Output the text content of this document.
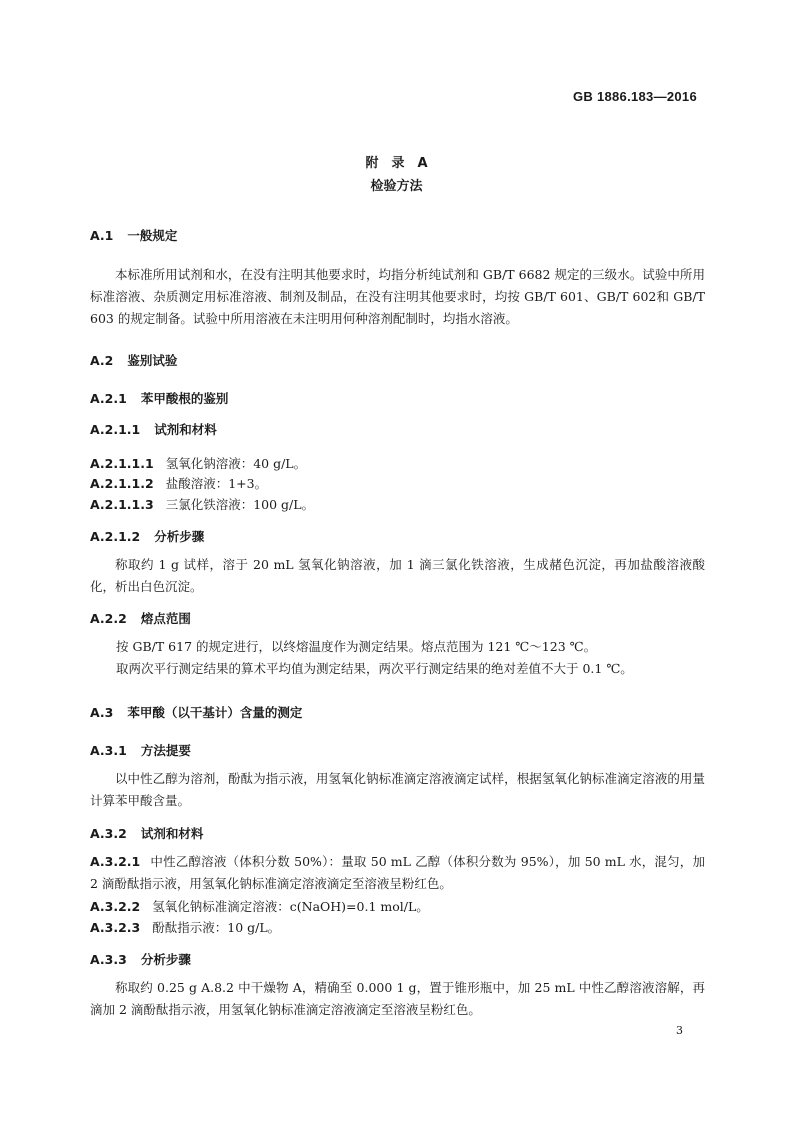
GB 1886.183—2016
附　录　A
检验方法
A.1 一般规定
本标准所用试剂和水，在没有注明其他要求时，均指分析纯试剂和 GB/T 6682 规定的三级水。试验中所用标准溶液、杂质测定用标准溶液、制剂及制品，在没有注明其他要求时，均按 GB/T 601、GB/T 602和 GB/T 603 的规定制备。试验中所用溶液在未注明用何种溶剂配制时，均指水溶液。
A.2 鉴别试验
A.2.1 苯甲酸根的鉴别
A.2.1.1 试剂和材料
A.2.1.1.1 氢氧化钠溶液：40 g/L。
A.2.1.1.2 盐酸溶液：1+3。
A.2.1.1.3 三氯化铁溶液：100 g/L。
A.2.1.2 分析步骤
称取约 1 g 试样，溶于 20 mL 氢氧化钠溶液，加 1 滴三氯化铁溶液，生成赭色沉淀，再加盐酸溶液酸化，析出白色沉淀。
A.2.2 熔点范围
按 GB/T 617 的规定进行，以终熔温度作为测定结果。熔点范围为 121 ℃～123 ℃。
取两次平行测定结果的算术平均值为测定结果，两次平行测定结果的绝对差值不大于 0.1 ℃。
A.3 苯甲酸（以干基计）含量的测定
A.3.1 方法提要
以中性乙醇为溶剂，酚酞为指示液，用氢氧化钠标准滴定溶液滴定试样，根据氢氧化钠标准滴定溶液的用量计算苯甲酸含量。
A.3.2 试剂和材料
A.3.2.1 中性乙醇溶液（体积分数 50%）：量取 50 mL 乙醇（体积分数为 95%），加 50 mL 水，混匀，加 2 滴酚酞指示液，用氢氧化钠标准滴定溶液滴定至溶液呈粉红色。
A.3.2.2 氢氧化钠标准滴定溶液：c(NaOH)=0.1 mol/L。
A.3.2.3 酚酞指示液：10 g/L。
A.3.3 分析步骤
称取约 0.25 g A.8.2 中干燥物 A，精确至 0.000 1 g，置于锥形瓶中，加 25 mL 中性乙醇溶液溶解，再滴加 2 滴酚酞指示液，用氢氧化钠标准滴定溶液滴定至溶液呈粉红色。
3
